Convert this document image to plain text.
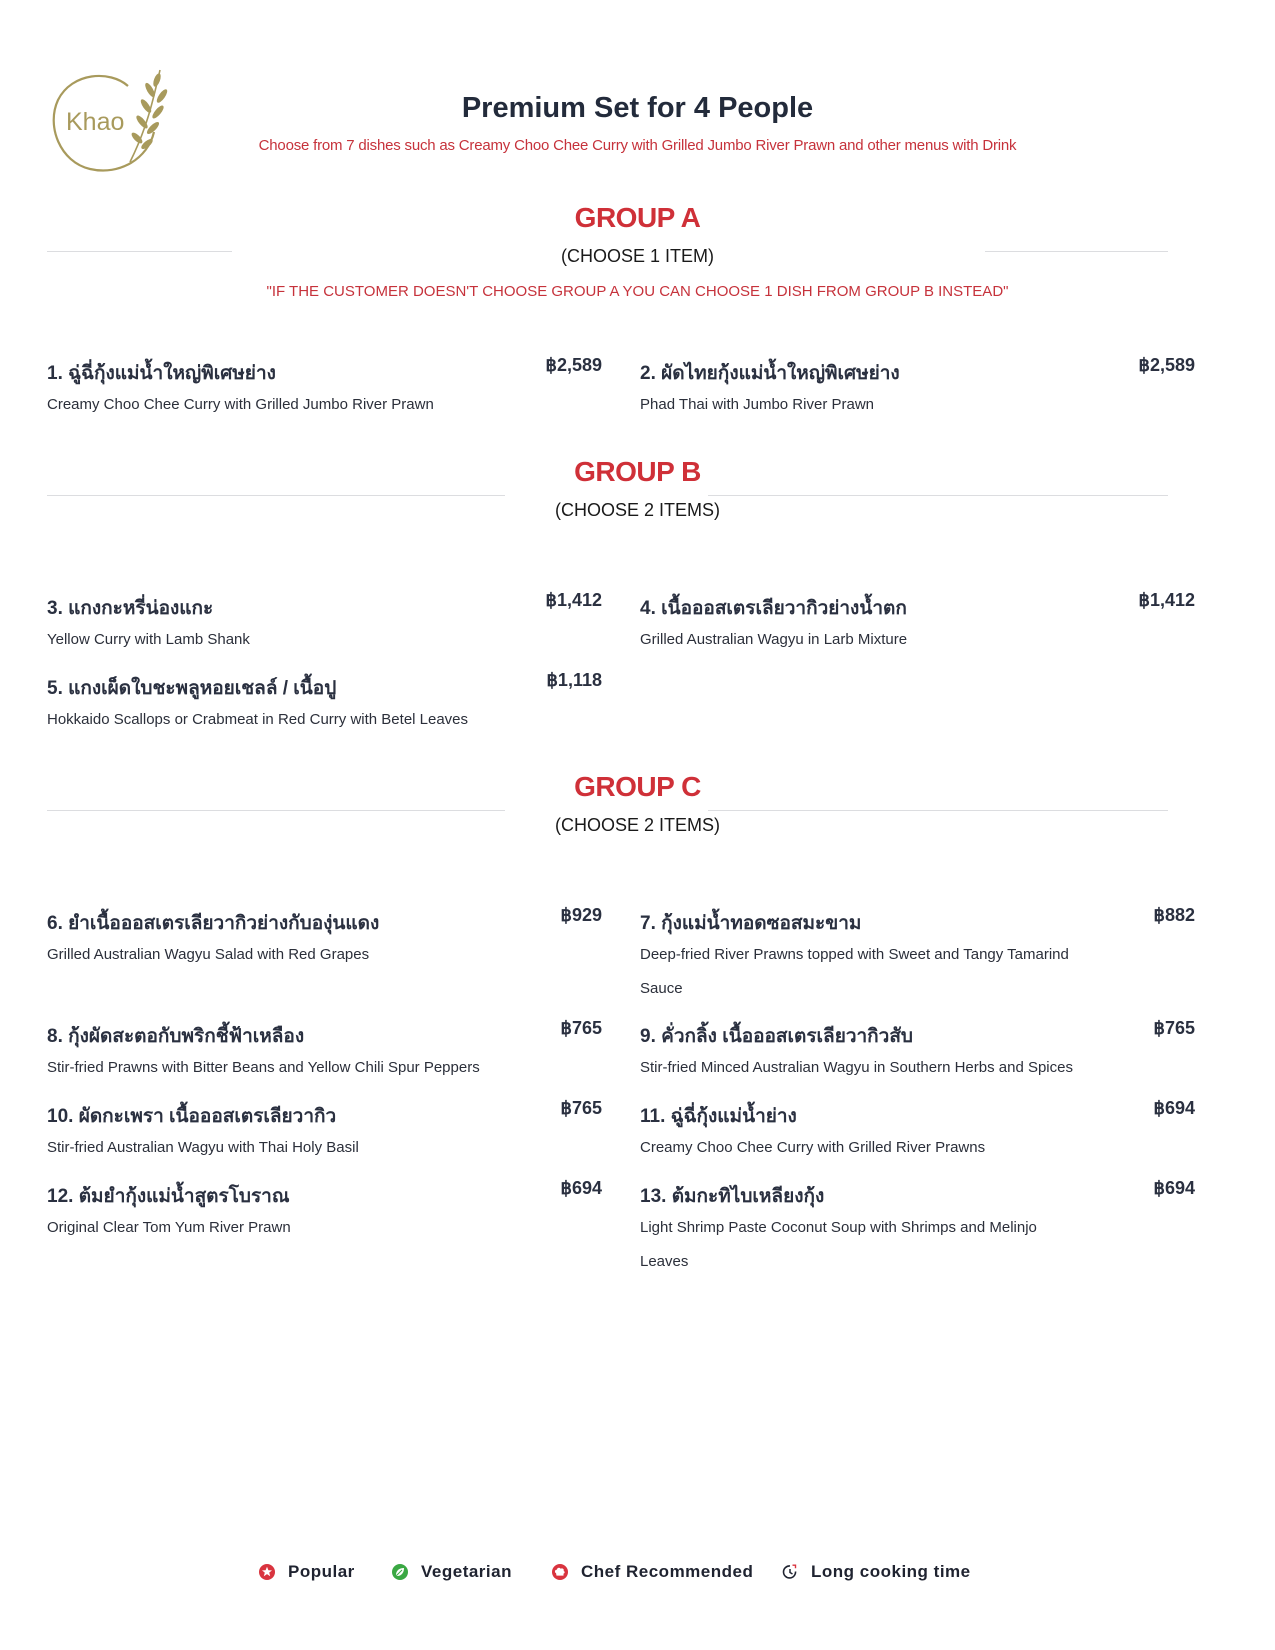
Khao	Premium Set for 4 People
Choose from 7 dishes such as Creamy Choo Chee Curry with Grilled Jumbo River Prawn and other menus with Drink
GROUP A
(CHOOSE 1 ITEM)
"IF THE CUSTOMER DOESN'T CHOOSE GROUP A YOU CAN CHOOSE 1 DISH FROM GROUP B INSTEAD"
1. ฉู่ฉี่กุ้งแม่น้ำใหญ่พิเศษย่าง	฿2,589
Creamy Choo Chee Curry with Grilled Jumbo River Prawn
2. ผัดไทยกุ้งแม่น้ำใหญ่พิเศษย่าง	฿2,589
Phad Thai with Jumbo River Prawn
GROUP B
(CHOOSE 2 ITEMS)
3. แกงกะหรี่น่องแกะ	฿1,412
Yellow Curry with Lamb Shank
4. เนื้อออสเตรเลียวากิวย่างน้ำตก	฿1,412
Grilled Australian Wagyu in Larb Mixture
5. แกงเผ็ดใบชะพลูหอยเชลล์ / เนื้อปู	฿1,118
Hokkaido Scallops or Crabmeat in Red Curry with Betel Leaves
GROUP C
(CHOOSE 2 ITEMS)
6. ยำเนื้อออสเตรเลียวากิวย่างกับองุ่นแดง	฿929
Grilled Australian Wagyu Salad with Red Grapes
7. กุ้งแม่น้ำทอดซอสมะขาม	฿882
Deep-fried River Prawns topped with Sweet and Tangy Tamarind Sauce
8. กุ้งผัดสะตอกับพริกชี้ฟ้าเหลือง	฿765
Stir-fried Prawns with Bitter Beans and Yellow Chili Spur Peppers
9. คั่วกลิ้ง เนื้อออสเตรเลียวากิวสับ	฿765
Stir-fried Minced Australian Wagyu in Southern Herbs and Spices
10. ผัดกะเพรา เนื้อออสเตรเลียวากิว	฿765
Stir-fried Australian Wagyu with Thai Holy Basil
11. ฉู่ฉี่กุ้งแม่น้ำย่าง	฿694
Creamy Choo Chee Curry with Grilled River Prawns
12. ต้มยำกุ้งแม่น้ำสูตรโบราณ	฿694
Original Clear Tom Yum River Prawn
13. ต้มกะทิไบเหลียงกุ้ง	฿694
Light Shrimp Paste Coconut Soup with Shrimps and Melinjo Leaves
Popular	Vegetarian	Chef Recommended	Long cooking time
